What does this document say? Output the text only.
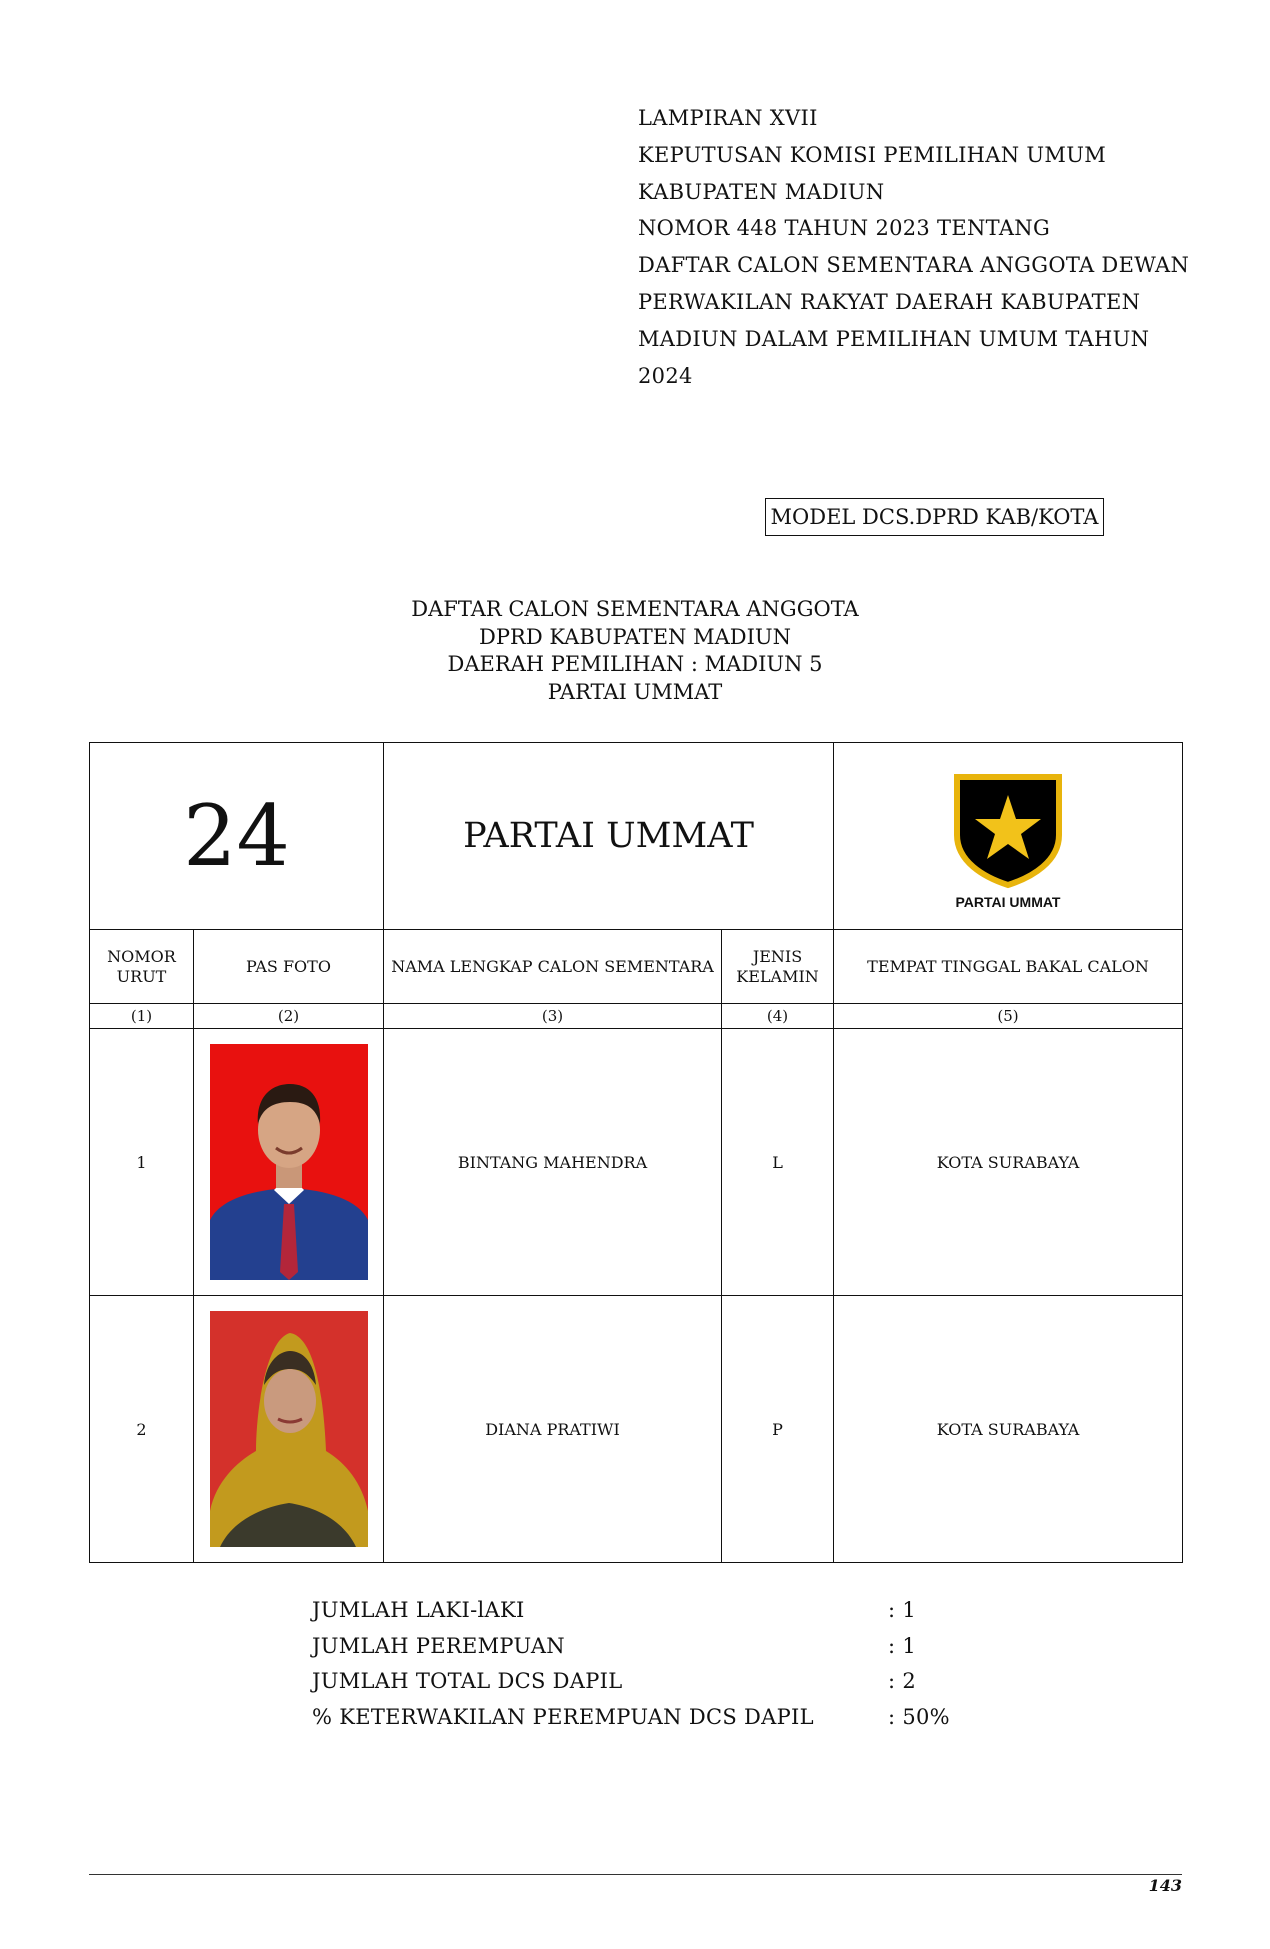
LAMPIRAN XVII
KEPUTUSAN KOMISI PEMILIHAN UMUM
KABUPATEN MADIUN
NOMOR 448 TAHUN 2023 TENTANG
DAFTAR CALON SEMENTARA ANGGOTA DEWAN
PERWAKILAN RAKYAT DAERAH KABUPATEN
MADIUN DALAM PEMILIHAN UMUM TAHUN
2024
MODEL DCS.DPRD KAB/KOTA
DAFTAR CALON SEMENTARA ANGGOTA
DPRD KABUPATEN MADIUN
DAERAH PEMILIHAN : MADIUN 5
PARTAI UMMAT
24		PARTAI UMMAT		PARTAI UMMAT

NOMOR URUT	PAS FOTO	NAMA LENGKAP CALON SEMENTARA	JENIS KELAMIN	TEMPAT TINGGAL BAKAL CALON
(1)	(2)	(3)	(4)	(5)
1		BINTANG MAHENDRA	L	KOTA SURABAYA
2		DIANA PRATIWI	P	KOTA SURABAYA
JUMLAH LAKI-lAKI	: 1
JUMLAH PEREMPUAN	: 1
JUMLAH TOTAL DCS DAPIL	: 2
% KETERWAKILAN PEREMPUAN DCS DAPIL	: 50%
143
